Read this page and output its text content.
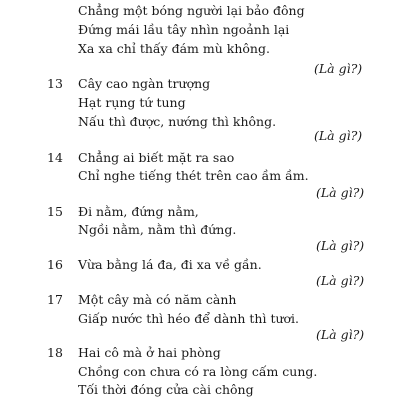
Chẳng một bóng người lại bảo đông
Đứng mái lầu tây nhìn ngoảnh lại
Xa xa chỉ thấy đám mù không.
(Là gì?)
13 Cây cao ngàn trượng
Hạt rụng tứ tung
Nấu thì được, nướng thì không.
(Là gì?)
14 Chẳng ai biết mặt ra sao
Chỉ nghe tiếng thét trên cao ầm ầm.
(Là gì?)
15 Đi nằm, đứng nằm,
Ngồi nằm, nằm thì đứng.
(Là gì?)
16 Vừa bằng lá đa, đi xa về gần.
(Là gì?)
17 Một cây mà có năm cành
Giấp nước thì héo để dành thì tươi.
(Là gì?)
18 Hai cô mà ở hai phòng
Chồng con chưa có ra lòng cấm cung.
Tối thời đóng cửa cài chông
